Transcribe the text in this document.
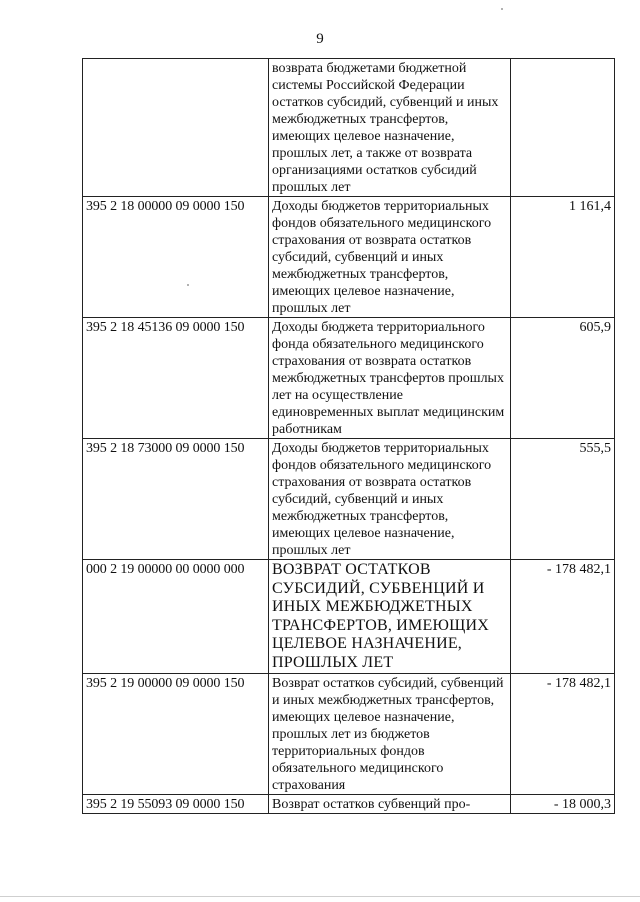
9
	возврата бюджетами бюджетной системы Российской Федерации остатков субсидий, субвенций и иных межбюджетных трансфертов, имеющих целевое назначение, прошлых лет, а также от возврата организациями остатков субсидий прошлых лет	
395 2 18 00000 09 0000 150	Доходы бюджетов территориальных фондов обязательного медицинского страхования от возврата остатков субсидий, субвенций и иных межбюджетных трансфертов, имеющих целевое назначение, прошлых лет	1 161,4
395 2 18 45136 09 0000 150	Доходы бюджета территориального фонда обязательного медицинского страхования от возврата остатков межбюджетных трансфертов прошлых лет на осуществление единовременных выплат медицинским работникам	605,9
395 2 18 73000 09 0000 150	Доходы бюджетов территориальных фондов обязательного медицинского страхования от возврата остатков субсидий, субвенций и иных межбюджетных трансфертов, имеющих целевое назначение, прошлых лет	555,5
000 2 19 00000 00 0000 000	ВОЗВРАТ ОСТАТКОВ СУБСИДИЙ, СУБВЕНЦИЙ И ИНЫХ МЕЖБЮДЖЕТНЫХ ТРАНСФЕРТОВ, ИМЕЮЩИХ ЦЕЛЕВОЕ НАЗНАЧЕНИЕ, ПРОШЛЫХ ЛЕТ	- 178 482,1
395 2 19 00000 09 0000 150	Возврат остатков субсидий, субвенций и иных межбюджетных трансфертов, имеющих целевое назначение, прошлых лет из бюджетов территориальных фондов обязательного медицинского страхования	- 178 482,1
395 2 19 55093 09 0000 150	Возврат остатков субвенций про-	- 18 000,3
